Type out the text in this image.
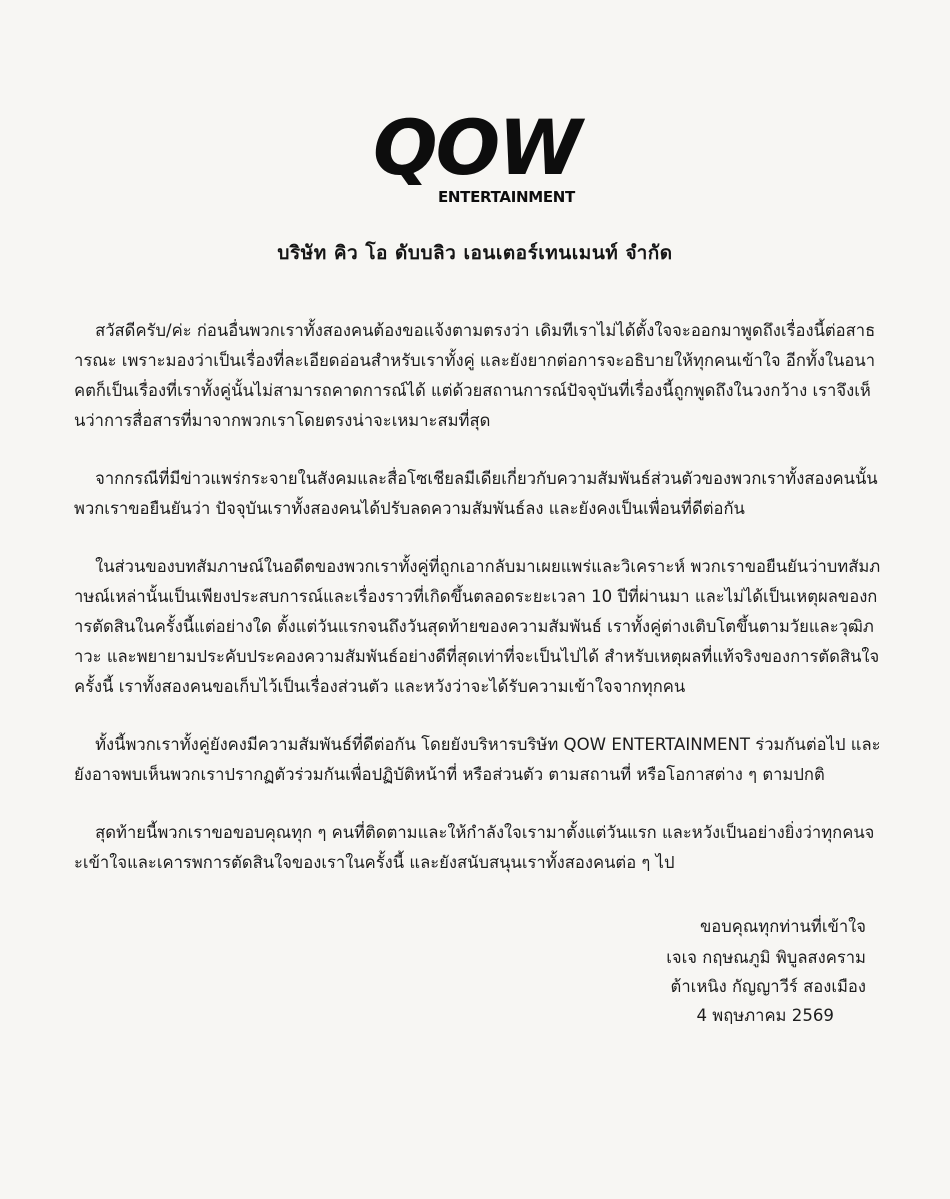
QOW
ENTERTAINMENT
บริษัท คิว โอ ดับบลิว เอนเตอร์เทนเมนท์ จำกัด

สวัสดีครับ/ค่ะ ก่อนอื่นพวกเราทั้งสองคนต้องขอแจ้งตามตรงว่า เดิมทีเราไม่ได้ตั้งใจจะออกมาพูดถึงเรื่องนี้ต่อสาธารณะ เพราะมองว่าเป็นเรื่องที่ละเอียดอ่อนสำหรับเราทั้งคู่ และยังยากต่อการจะอธิบายให้ทุกคนเข้าใจ อีกทั้งในอนาคตก็เป็นเรื่องที่เราทั้งคู่นั้นไม่สามารถคาดการณ์ได้ แต่ด้วยสถานการณ์ปัจจุบันที่เรื่องนี้ถูกพูดถึงในวงกว้าง เราจึงเห็นว่าการสื่อสารที่มาจากพวกเราโดยตรงน่าจะเหมาะสมที่สุด

จากกรณีที่มีข่าวแพร่กระจายในสังคมและสื่อโซเชียลมีเดียเกี่ยวกับความสัมพันธ์ส่วนตัวของพวกเราทั้งสองคนนั้น พวกเราขอยืนยันว่า ปัจจุบันเราทั้งสองคนได้ปรับลดความสัมพันธ์ลง และยังคงเป็นเพื่อนที่ดีต่อกัน

ในส่วนของบทสัมภาษณ์ในอดีตของพวกเราทั้งคู่ที่ถูกเอากลับมาเผยแพร่และวิเคราะห์ พวกเราขอยืนยันว่าบทสัมภาษณ์เหล่านั้นเป็นเพียงประสบการณ์และเรื่องราวที่เกิดขึ้นตลอดระยะเวลา 10 ปีที่ผ่านมา และไม่ได้เป็นเหตุผลของการตัดสินในครั้งนี้แต่อย่างใด ตั้งแต่วันแรกจนถึงวันสุดท้ายของความสัมพันธ์ เราทั้งคู่ต่างเติบโตขึ้นตามวัยและวุฒิภาวะ และพยายามประคับประคองความสัมพันธ์อย่างดีที่สุดเท่าที่จะเป็นไปได้ สำหรับเหตุผลที่แท้จริงของการตัดสินใจครั้งนี้ เราทั้งสองคนขอเก็บไว้เป็นเรื่องส่วนตัว และหวังว่าจะได้รับความเข้าใจจากทุกคน

ทั้งนี้พวกเราทั้งคู่ยังคงมีความสัมพันธ์ที่ดีต่อกัน โดยยังบริหารบริษัท QOW ENTERTAINMENT ร่วมกันต่อไป และยังอาจพบเห็นพวกเราปรากฏตัวร่วมกันเพื่อปฏิบัติหน้าที่ หรือส่วนตัว ตามสถานที่ หรือโอกาสต่าง ๆ ตามปกติ

สุดท้ายนี้พวกเราขอขอบคุณทุก ๆ คนที่ติดตามและให้กำลังใจเรามาตั้งแต่วันแรก และหวังเป็นอย่างยิ่งว่าทุกคนจะเข้าใจและเคารพการตัดสินใจของเราในครั้งนี้ และยังสนับสนุนเราทั้งสองคนต่อ ๆ ไป

ขอบคุณทุกท่านที่เข้าใจ
เจเจ กฤษณภูมิ พิบูลสงคราม
ต้าเหนิง กัญญาวีร์ สองเมือง
4 พฤษภาคม 2569
